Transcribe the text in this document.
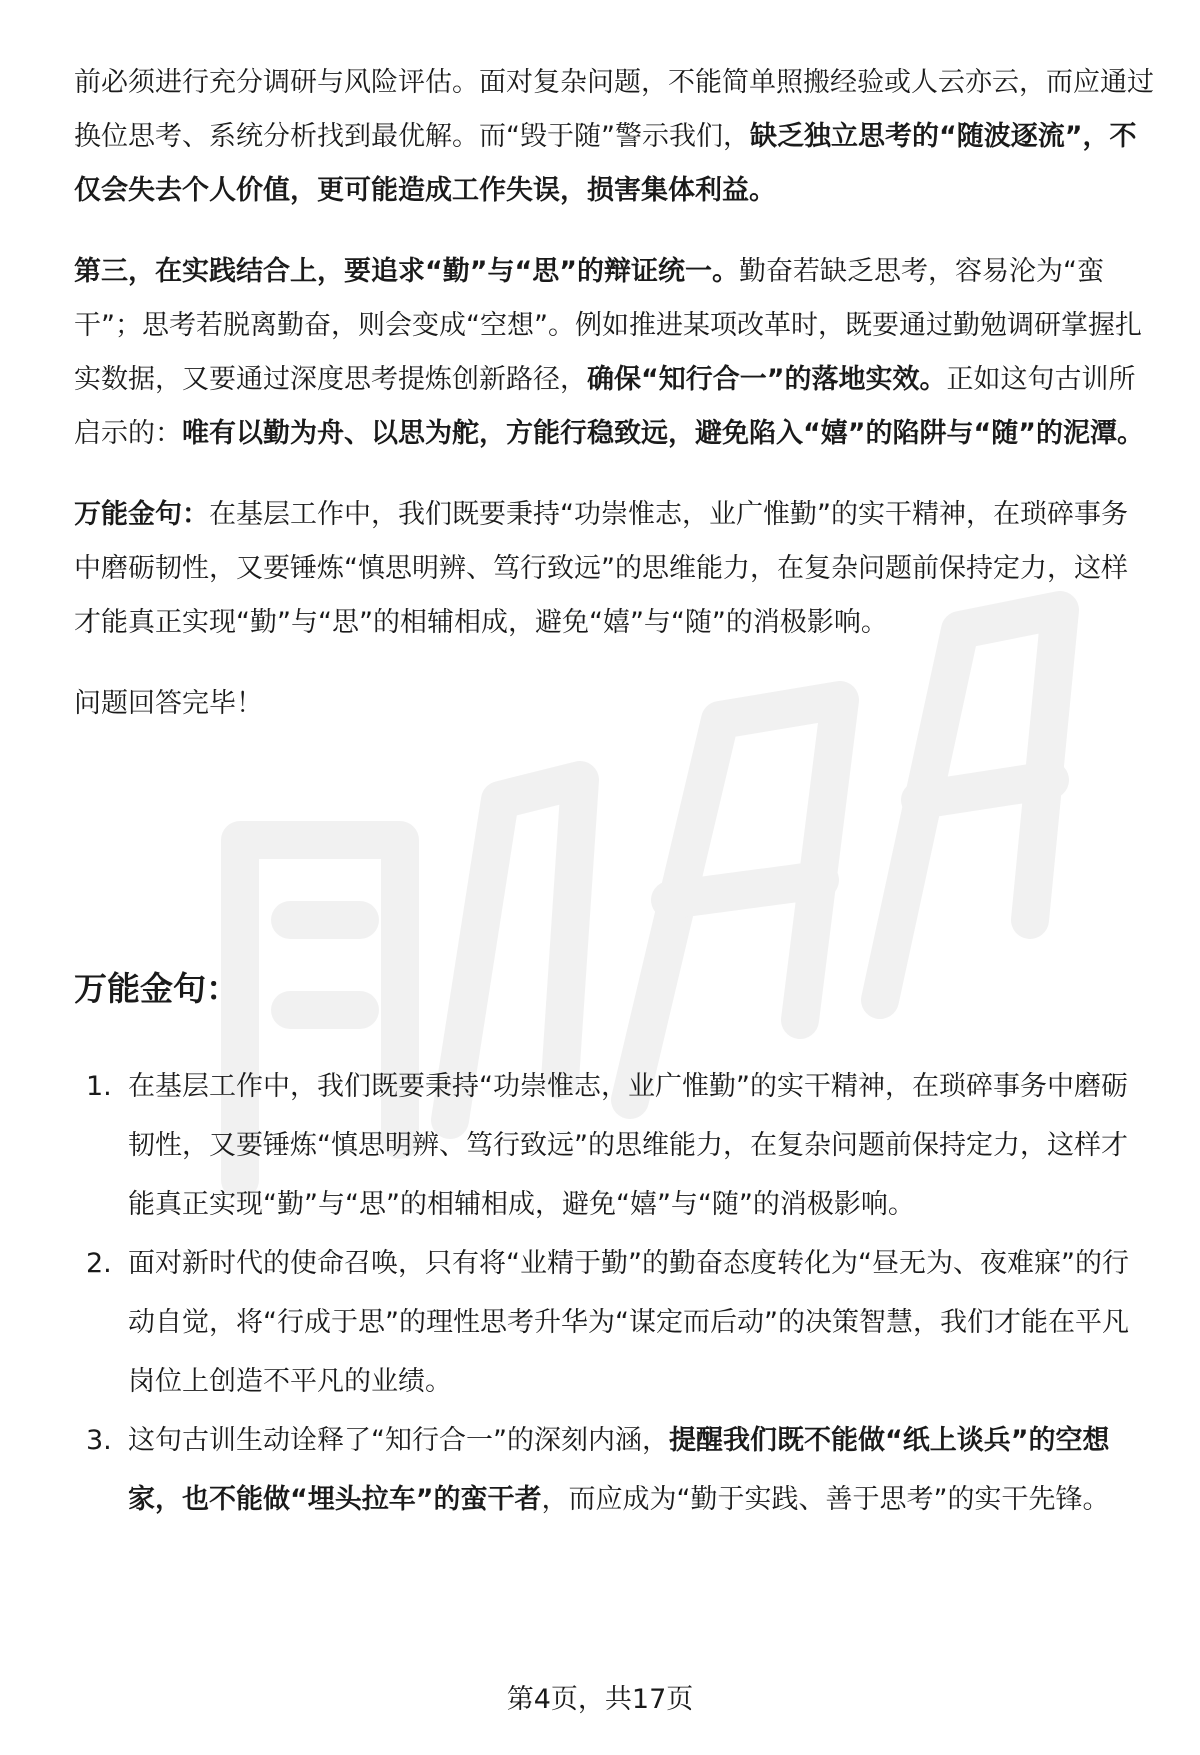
前必须进行充分调研与风险评估。面对复杂问题，不能简单照搬经验或人云亦云，而应通过换位思考、系统分析找到最优解。而“毁于随”警示我们，缺乏独立思考的“随波逐流”，不仅会失去个人价值，更可能造成工作失误，损害集体利益。

第三，在实践结合上，要追求“勤”与“思”的辩证统一。勤奋若缺乏思考，容易沦为“蛮干”；思考若脱离勤奋，则会变成“空想”。例如推进某项改革时，既要通过勤勉调研掌握扎实数据，又要通过深度思考提炼创新路径，确保“知行合一”的落地实效。正如这句古训所启示的：唯有以勤为舟、以思为舵，方能行稳致远，避免陷入“嬉”的陷阱与“随”的泥潭。

万能金句：在基层工作中，我们既要秉持“功崇惟志，业广惟勤”的实干精神，在琐碎事务中磨砺韧性，又要锤炼“慎思明辨、笃行致远”的思维能力，在复杂问题前保持定力，这样才能真正实现“勤”与“思”的相辅相成，避免“嬉”与“随”的消极影响。

问题回答完毕！

万能金句：
1. 在基层工作中，我们既要秉持“功崇惟志，业广惟勤”的实干精神，在琐碎事务中磨砺韧性，又要锤炼“慎思明辨、笃行致远”的思维能力，在复杂问题前保持定力，这样才能真正实现“勤”与“思”的相辅相成，避免“嬉”与“随”的消极影响。
2. 面对新时代的使命召唤，只有将“业精于勤”的勤奋态度转化为“昼无为、夜难寐”的行动自觉，将“行成于思”的理性思考升华为“谋定而后动”的决策智慧，我们才能在平凡岗位上创造不平凡的业绩。
3. 这句古训生动诠释了“知行合一”的深刻内涵，提醒我们既不能做“纸上谈兵”的空想家，也不能做“埋头拉车”的蛮干者，而应成为“勤于实践、善于思考”的实干先锋。
第4页，共17页
